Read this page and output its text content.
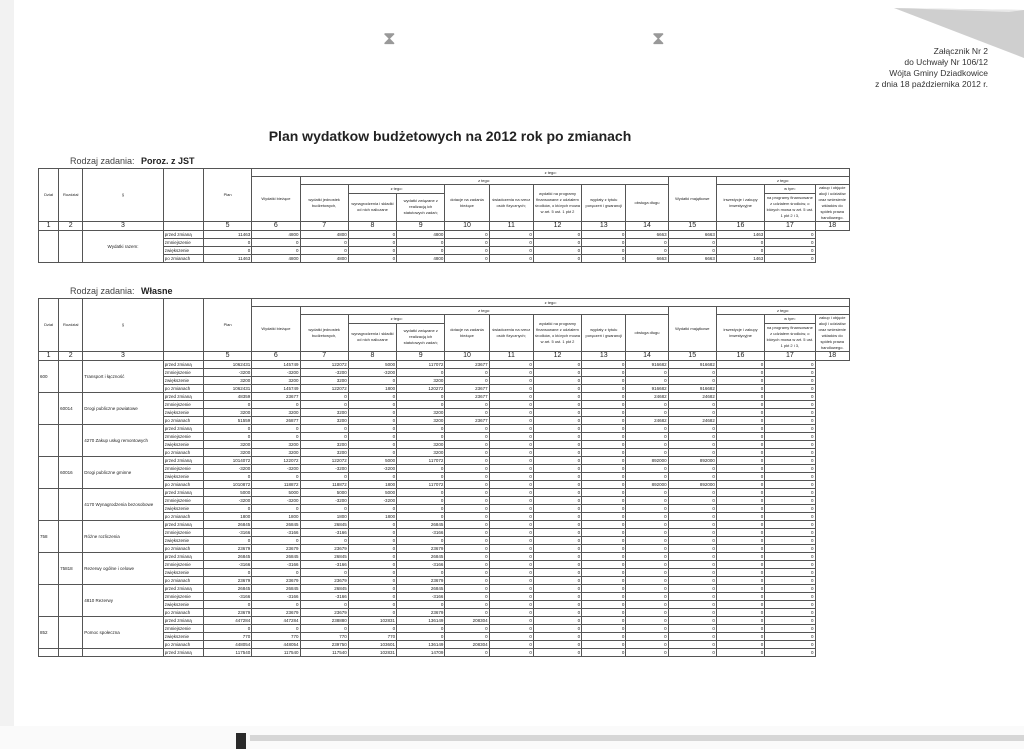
⧗	⧗
Załącznik Nr 2
do Uchwały Nr 106/12
Wójta Gminy Dziadkowice
z dnia 18 października 2012 r.
Plan wydatkow budżetowych na 2012 rok po zmianach
Rodzaj zadania: Poroz. z JST
Dział	Rozdział	§		Plan	z tego:												
					Wydatki bieżące	z tego:								Wydatki majątkowe	z tego:		
						wydatki jednostek budżetowych,	z tego:		dotacje na zadania bieżące	świadczenia na rzecz osób fizycznych;	wydatki na programy finansowane z udziałem środków, o których mowa w art. 5 ust. 1 pkt 2	wypłaty z tytułu poręczeń i gwarancji	obsługa długu		inwestycje i zakupy inwestycyjne	w tym:	zakup i objęcie akcji i udziałów oraz wniesienie wkładów do spółek prawa handlowego.
							wynagrodzenia i składki od nich naliczane	wydatki związane z realizacją ich statutowych zadań;								na programy finansowane z udziałem środków, o których mowa w art. 5 ust. 1 pkt 2 i 3,	
1	2	3		5	6	7	8	9	10	11	12	13	14	15	16	17	18
		Wydatki razem:	przed zmianą	11463	4800	4800	0	4800	0	0	0	0	6663	6663	1463	0	
			zmniejszenie	0	0	0	0	0	0	0	0	0	0	0	0	0	
			zwiększenie	0	0	0	0	0	0	0	0	0	0	0	0	0	
			po zmianach	11463	4800	4800	0	4800	0	0	0	0	6663	6663	1463	0	
Rodzaj zadania: Własne
Dział	Rozdział	§		Plan	z tego:												
					Wydatki bieżące	z tego:								Wydatki majątkowe	z tego:		
						wydatki jednostek budżetowych,	z tego:		dotacje na zadania bieżące	świadczenia na rzecz osób fizycznych;	wydatki na programy finansowane z udziałem środków, o których mowa w art. 5 ust. 1 pkt 2	wypłaty z tytułu poręczeń i gwarancji	obsługa długu		inwestycje i zakupy inwestycyjne	w tym:	zakup i objęcie akcji i udziałów oraz wniesienie wkładów do spółek prawa handlowego.
							wynagrodzenia i składki od nich naliczane	wydatki związane z realizacją ich statutowych zadań;								na programy finansowane z udziałem środków, o których mowa w art. 5 ust. 1 pkt 2 i 3,	
1	2	3		5	6	7	8	9	10	11	12	13	14	15	16	17	18
600		Transport i łączność	przed zmianą	1062431	145749	122072	5000	117072	23677	0	0	0	916682	916682	0	0	
			zmniejszenie	-3200	-3200	-3200	-3200	0	0	0	0	0	0	0	0	0	
			zwiększenie	3200	3200	3200	0	3200	0	0	0	0	0	0	0	0	
			po zmianach	1062431	145749	122072	1800	120272	23677	0	0	0	916682	916682	0	0	
	60014	Drogi publiczne powiatowe	przed zmianą	48359	23677	0	0	0	23677	0	0	0	24682	24682	0	0	
			zmniejszenie	0	0	0	0	0	0	0	0	0	0	0	0	0	
			zwiększenie	3200	3200	3200	0	3200	0	0	0	0	0	0	0	0	
			po zmianach	51559	26877	3200	0	3200	23677	0	0	0	24682	24682	0	0	
		4270 Zakup usług remontowych	przed zmianą	0	0	0	0	0	0	0	0	0	0	0	0	0	
			zmniejszenie	0	0	0	0	0	0	0	0	0	0	0	0	0	
			zwiększenie	3200	3200	3200	0	3200	0	0	0	0	0	0	0	0	
			po zmianach	3200	3200	3200	0	3200	0	0	0	0	0	0	0	0	
	60016	Drogi publiczne gminne	przed zmianą	1014072	122072	122072	5000	117072	0	0	0	0	892000	892000	0	0	
			zmniejszenie	-3200	-3200	-3200	-3200	0	0	0	0	0	0	0	0	0	
			zwiększenie	0	0	0	0	0	0	0	0	0	0	0	0	0	
			po zmianach	1010872	118872	118872	1800	117072	0	0	0	0	892000	892000	0	0	
		4170 Wynagrodzenia bezosobowe	przed zmianą	5000	5000	5000	5000	0	0	0	0	0	0	0	0	0	
			zmniejszenie	-3200	-3200	-3200	-3200	0	0	0	0	0	0	0	0	0	
			zwiększenie	0	0	0	0	0	0	0	0	0	0	0	0	0	
			po zmianach	1800	1800	1800	1800	0	0	0	0	0	0	0	0	0	
758		Różne rozliczenia	przed zmianą	26845	26845	26845	0	26845	0	0	0	0	0	0	0	0	
			zmniejszenie	-3166	-3166	-3166	0	-3166	0	0	0	0	0	0	0	0	
			zwiększenie	0	0	0	0	0	0	0	0	0	0	0	0	0	
			po zmianach	23679	23679	23679	0	23679	0	0	0	0	0	0	0	0	
	75818	Rezerwy ogólne i celowe	przed zmianą	26845	26845	26845	0	26845	0	0	0	0	0	0	0	0	
			zmniejszenie	-3166	-3166	-3166	0	-3166	0	0	0	0	0	0	0	0	
			zwiększenie	0	0	0	0	0	0	0	0	0	0	0	0	0	
			po zmianach	23679	23679	23679	0	23679	0	0	0	0	0	0	0	0	
		4810 Rezerwy	przed zmianą	26845	26845	26845	0	26845	0	0	0	0	0	0	0	0	
			zmniejszenie	-3166	-3166	-3166	0	-3166	0	0	0	0	0	0	0	0	
			zwiększenie	0	0	0	0	0	0	0	0	0	0	0	0	0	
			po zmianach	23679	23679	23679	0	23679	0	0	0	0	0	0	0	0	
852		Pomoc społeczna	przed zmianą	447284	447284	238880	102831	136149	208304	0	0	0	0	0	0	0	
			zmniejszenie	0	0	0	0	0	0	0	0	0	0	0	0	0	
			zwiększenie	770	770	770	770	0	0	0	0	0	0	0	0	0	
			po zmianach	448054	448054	239750	103601	136149	208304	0	0	0	0	0	0	0	
			przed zmianą	117540	117540	117540	102831	14709	0	0	0	0	0	0	0	0	
